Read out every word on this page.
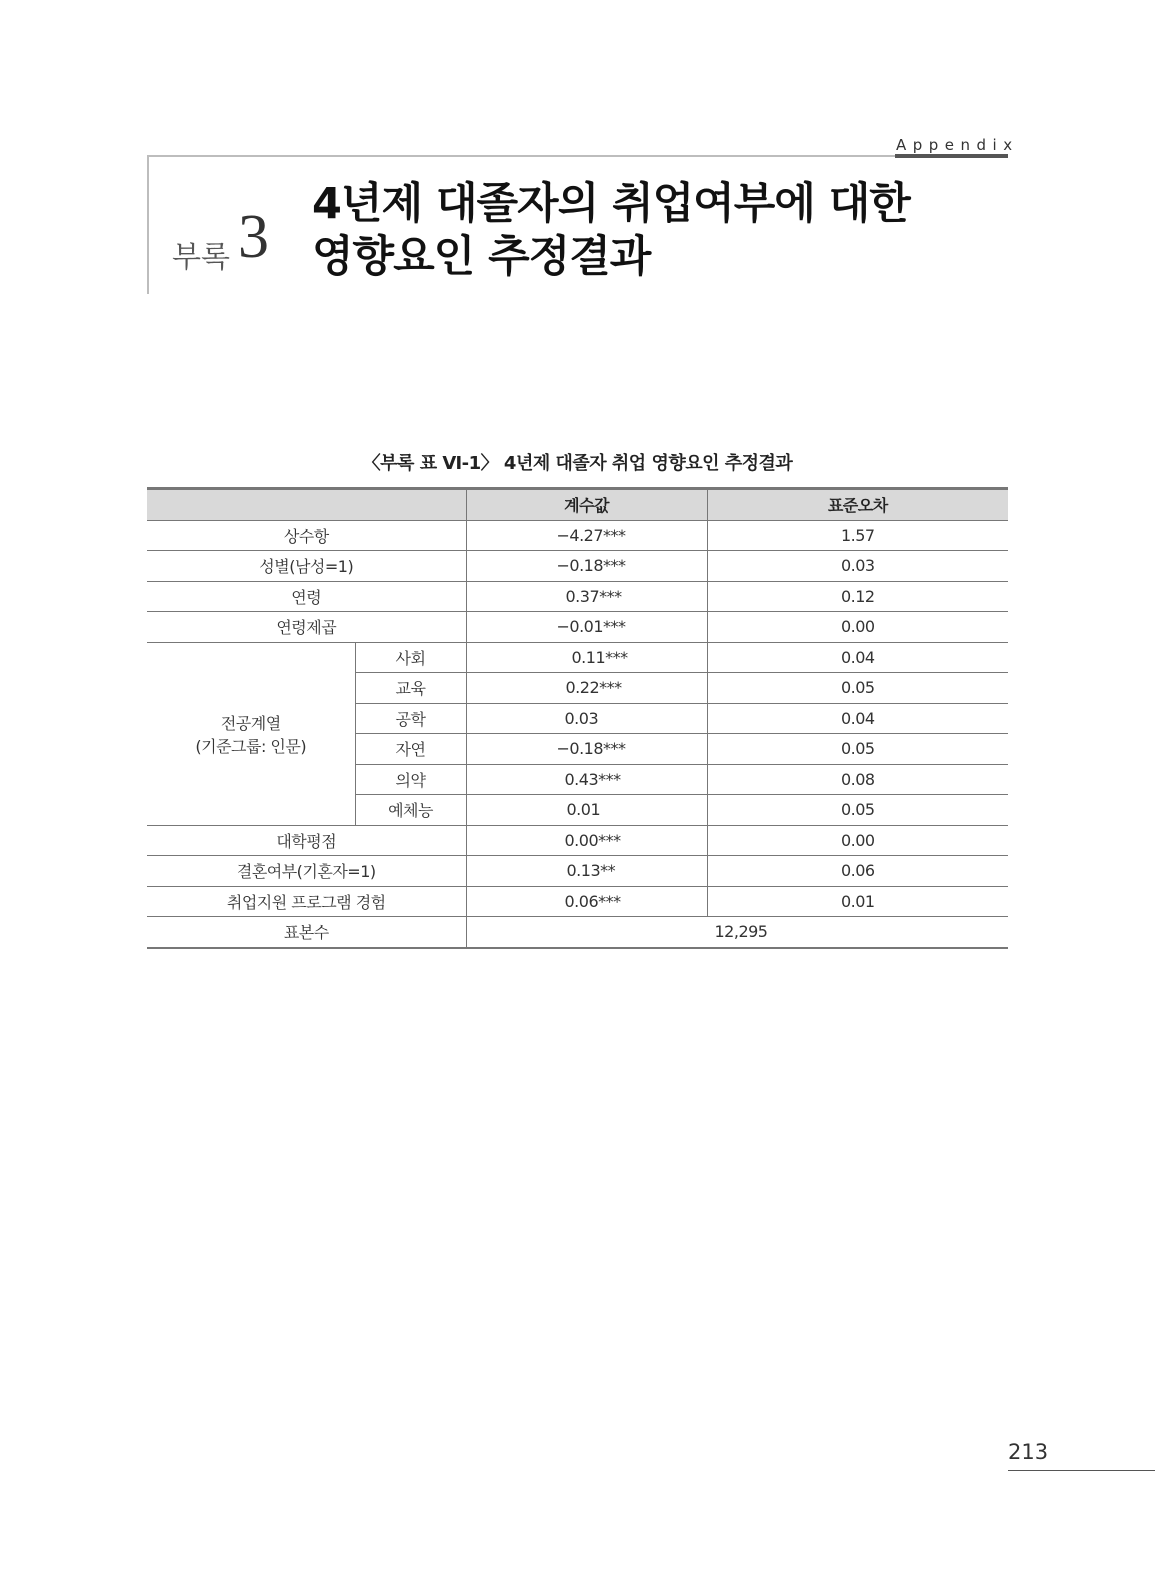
Appendix
부록 3 4년제 대졸자의 취업여부에 대한
영향요인 추정결과
〈부록 표 Ⅵ-1〉 4년제 대졸자 취업 영향요인 추정결과
		계수값	표준오차
상수항		−4.27***	1.57
성별(남성=1)		−0.18***	0.03
연령		0.37***	0.12
연령제곱		−0.01***	0.00

전공계열
(기준그룹: 인문)	사회	0.11***	0.04
	교육	0.22***	0.05
	공학	0.03	0.04
	자연	−0.18***	0.05
	의약	0.43***	0.08
	예체능	0.01	0.05
대학평점		0.00***	0.00
결혼여부(기혼자=1)		0.13**	0.06
취업지원 프로그램 경험		0.06***	0.01
표본수		12,295	
213
